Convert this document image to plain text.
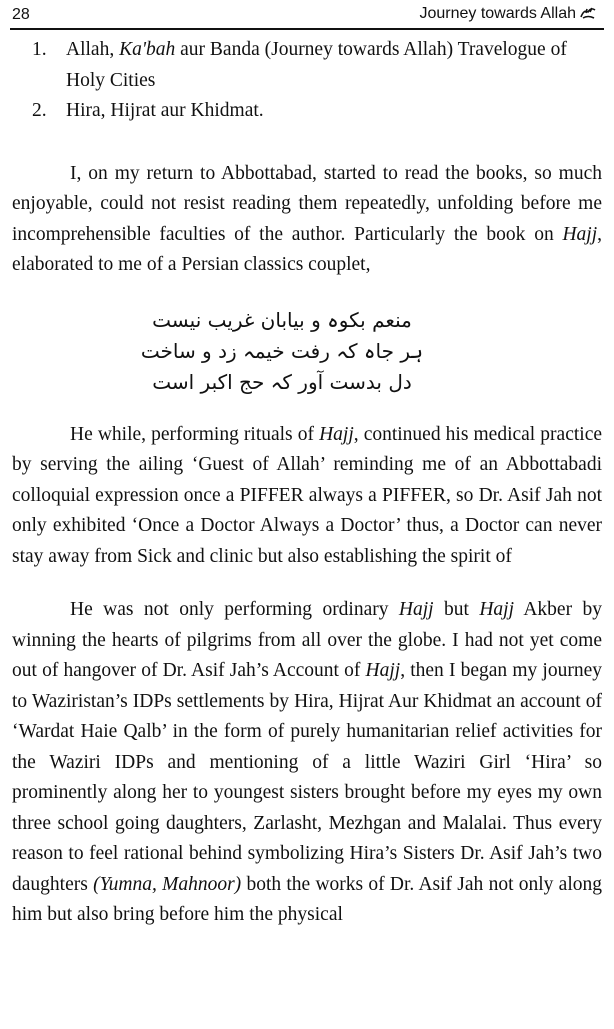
28	Journey towards Allah
1. Allah, Ka'bah aur Banda (Journey towards Allah) Travelogue of Holy Cities
2. Hira, Hijrat aur Khidmat.

I, on my return to Abbottabad, started to read the books, so much enjoyable, could not resist reading them repeatedly, unfolding before me incomprehensible faculties of the author. Particularly the book on Hajj, elaborated to me of a Persian classics couplet,

منعم بکوہ و بیابان غریب نیست
ہر جاہ کہ رفت خیمہ زد و ساخت
دل بدست آور کہ حج اکبر است

He while, performing rituals of Hajj, continued his medical practice by serving the ailing ‘Guest of Allah’ reminding me of an Abbottabadi colloquial expression once a PIFFER always a PIFFER, so Dr. Asif Jah not only exhibited ‘Once a Doctor Always a Doctor’ thus, a Doctor can never stay away from Sick and clinic but also establishing the spirit of

He was not only performing ordinary Hajj but Hajj Akber by winning the hearts of pilgrims from all over the globe. I had not yet come out of hangover of Dr. Asif Jah’s Account of Hajj, then I began my journey to Waziristan’s IDPs settlements by Hira, Hijrat Aur Khidmat an account of ‘Wardat Haie Qalb’ in the form of purely humanitarian relief activities for the Waziri IDPs and mentioning of a little Waziri Girl ‘Hira’ so prominently along her to youngest sisters brought before my eyes my own three school going daughters, Zarlasht, Mezhgan and Malalai. Thus every reason to feel rational behind symbolizing Hira’s Sisters Dr. Asif Jah’s two daughters (Yumna, Mahnoor) both the works of Dr. Asif Jah not only along him but also bring before him the physical
